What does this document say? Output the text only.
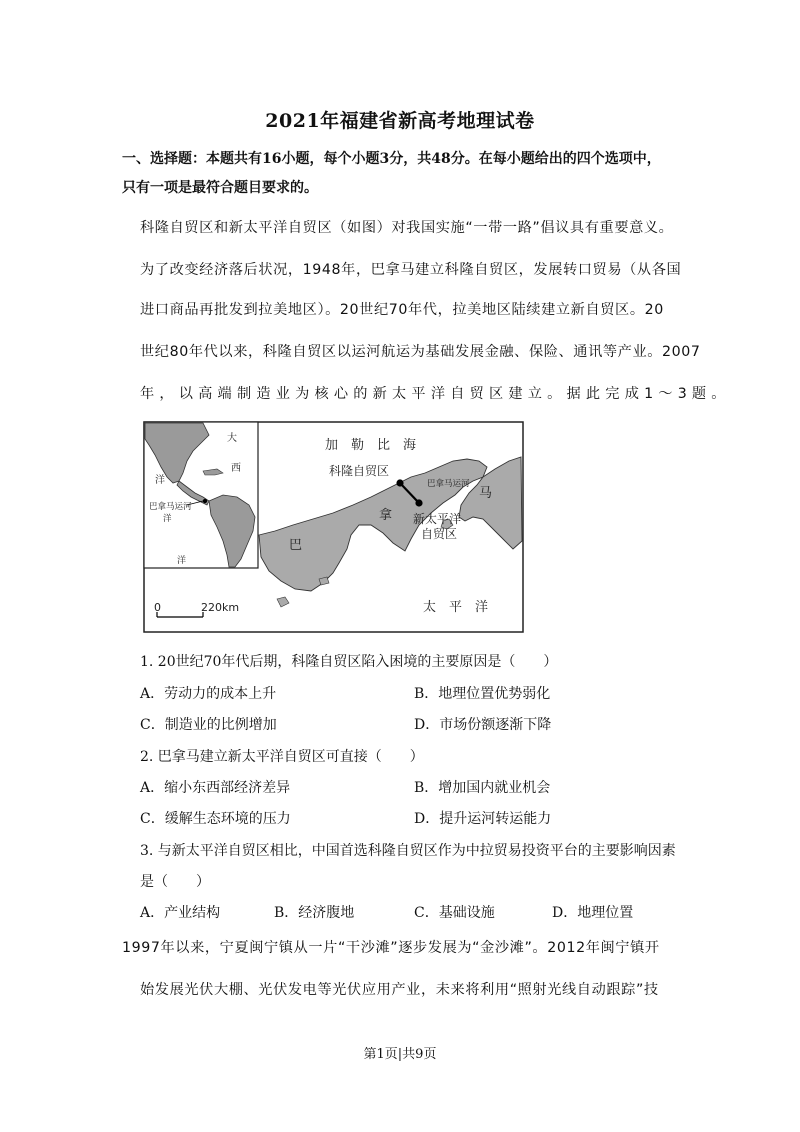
2021年福建省新高考地理试卷
一、选择题：本题共有16小题，每个小题3分，共48分。在每小题给出的四个选项中，
只有一项是最符合题目要求的。
科隆自贸区和新太平洋自贸区（如图）对我国实施“一带一路”倡议具有重要意义。
为了改变经济落后状况，1948年，巴拿马建立科隆自贸区，发展转口贸易（从各国
进口商品再批发到拉美地区）。20世纪70年代，拉美地区陆续建立新自贸区。20
世纪80年代以来，科隆自贸区以运河航运为基础发展金融、保险、通讯等产业。2007
年，以高端制造业为核心的新太平洋自贸区建立。据此完成1～3题。
大
西
洋
巴拿马运河
洋
洋
加 勒 比 海
科隆自贸区
巴拿马运河
新太平洋
自贸区
巴
拿
马
太 平 洋
0	220km
1. 20世纪70年代后期，科隆自贸区陷入困境的主要原因是（　　）
A．劳动力的成本上升	B．地理位置优势弱化
C．制造业的比例增加	D．市场份额逐渐下降
2. 巴拿马建立新太平洋自贸区可直接（　　）
A．缩小东西部经济差异	B．增加国内就业机会
C．缓解生态环境的压力	D．提升运河转运能力
3. 与新太平洋自贸区相比，中国首选科隆自贸区作为中拉贸易投资平台的主要影响因素
是（　　）
A．产业结构	B．经济腹地	C．基础设施	D．地理位置
1997年以来，宁夏闽宁镇从一片“干沙滩”逐步发展为“金沙滩”。2012年闽宁镇开
始发展光伏大棚、光伏发电等光伏应用产业，未来将利用“照射光线自动跟踪”技
第1页|共9页
